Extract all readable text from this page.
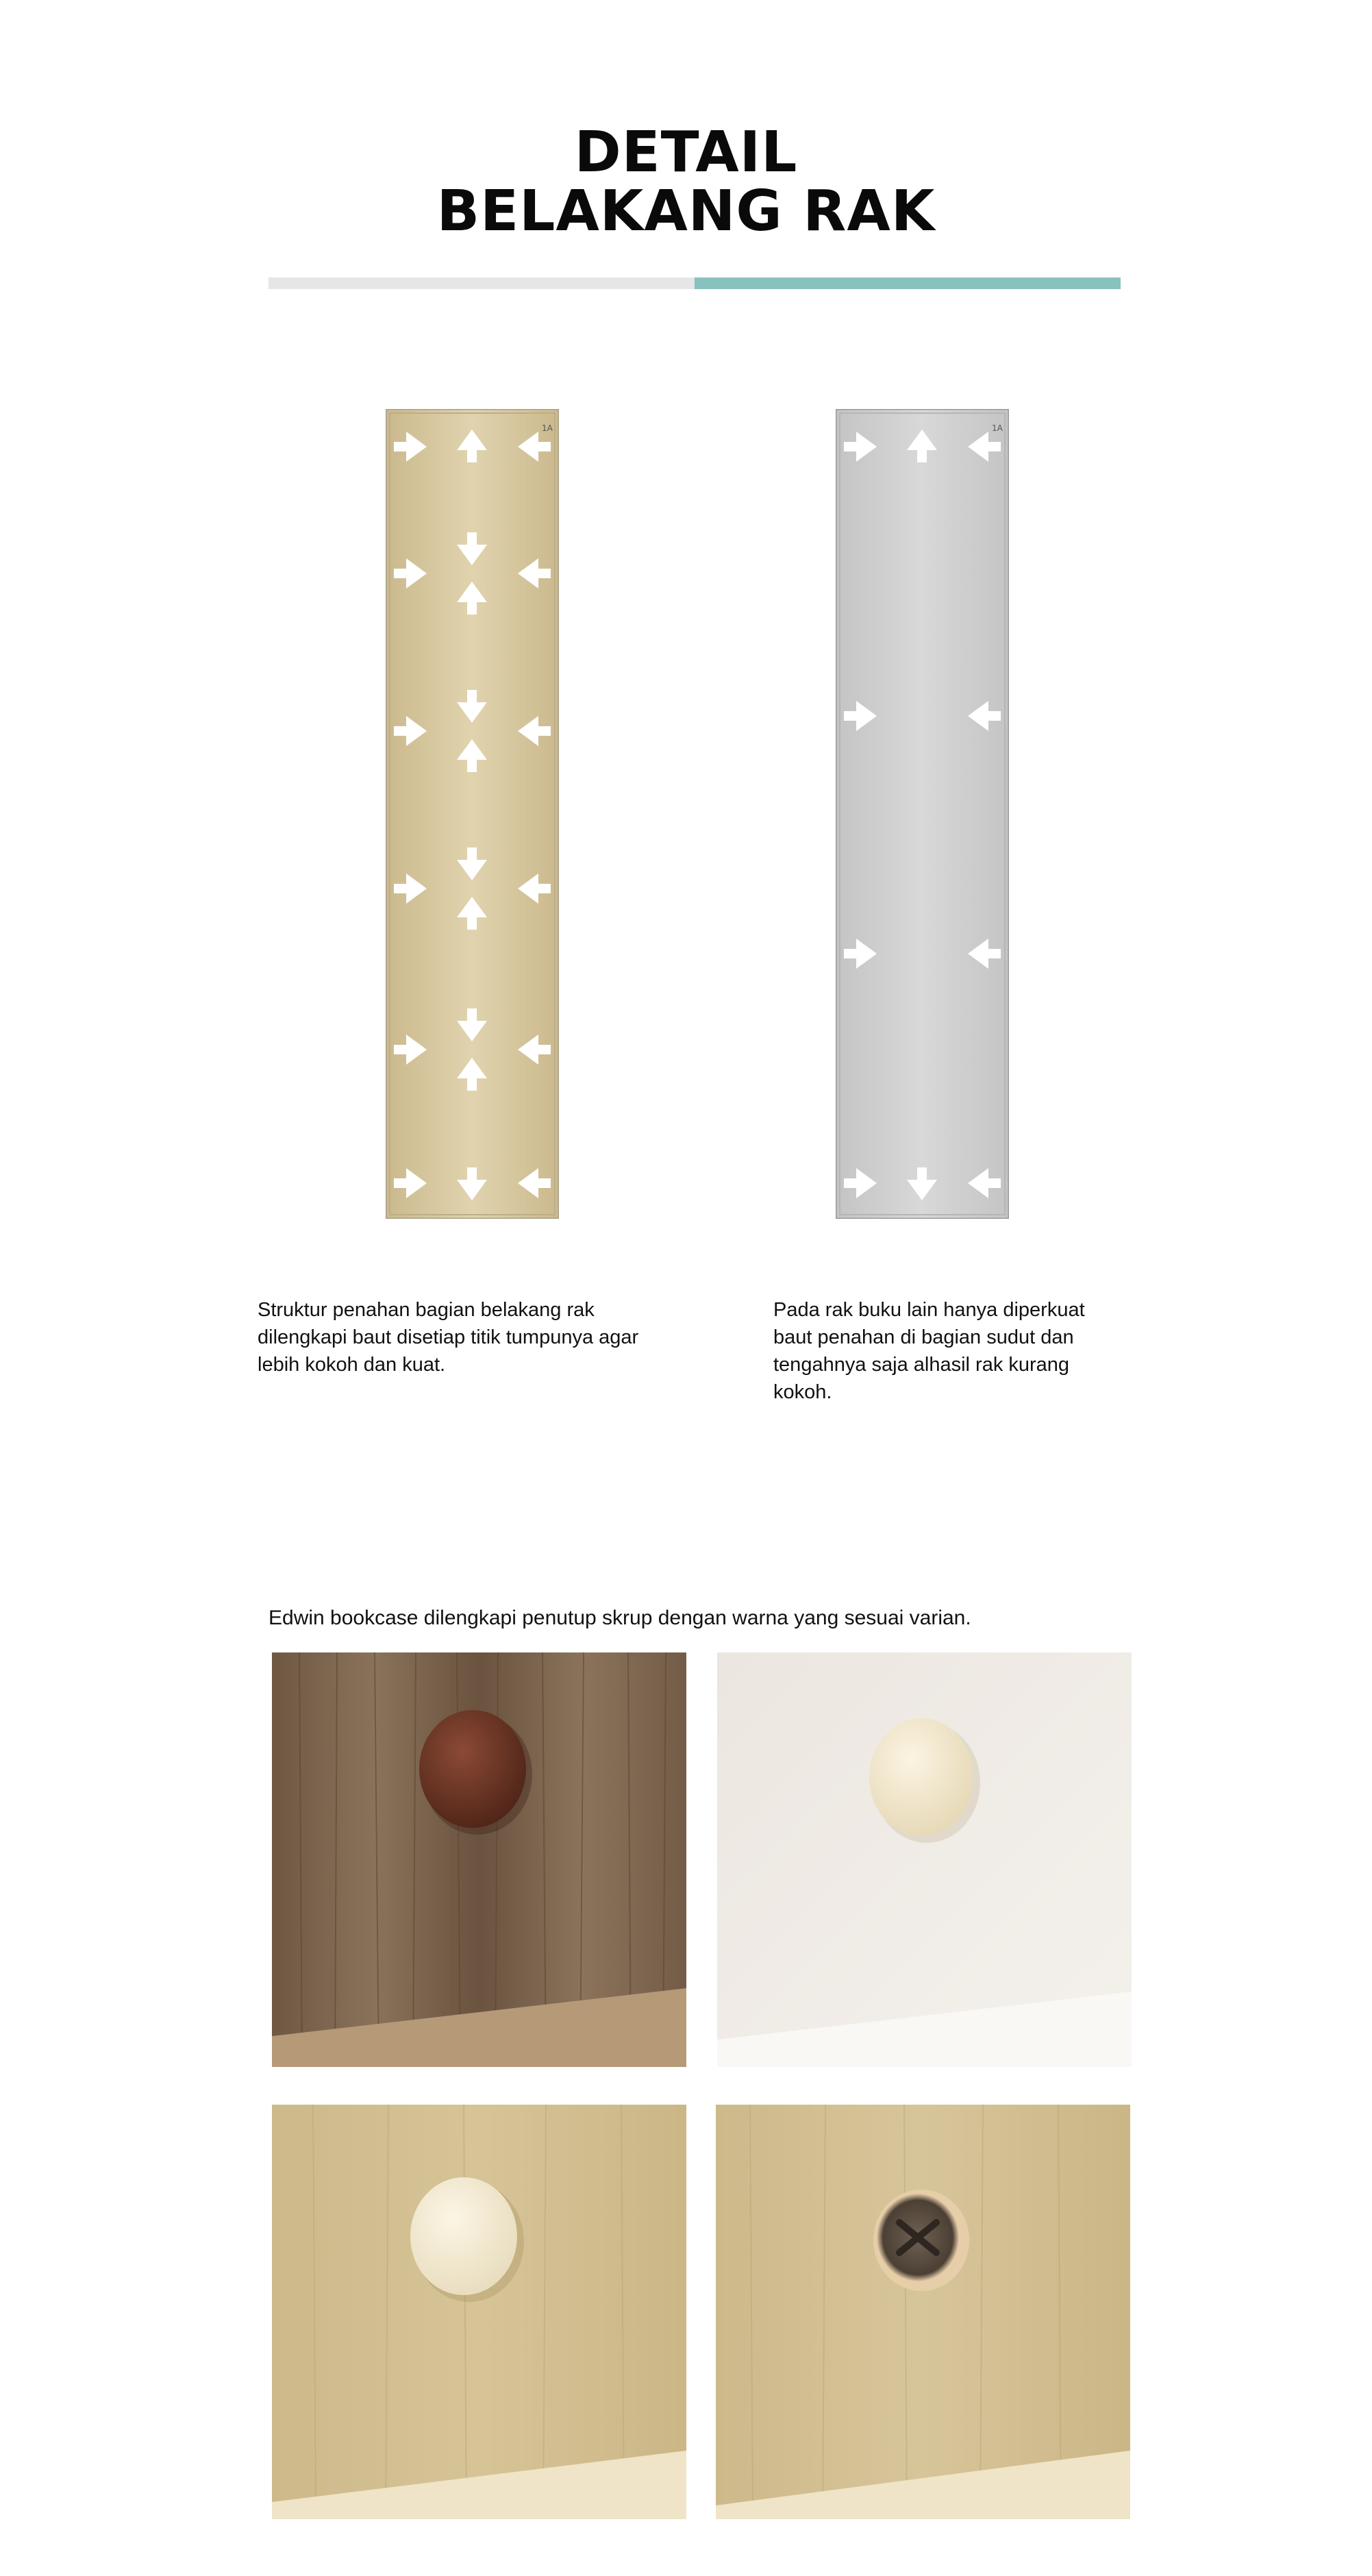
DETAIL
BELAKANG RAK
1A	1A
Struktur penahan bagian belakang rak dilengkapi baut disetiap titik tumpunya agar lebih kokoh dan kuat.
Pada rak buku lain hanya diperkuat baut penahan di bagian sudut dan tengahnya saja alhasil rak kurang kokoh.
Edwin bookcase dilengkapi penutup skrup dengan warna yang sesuai varian.
